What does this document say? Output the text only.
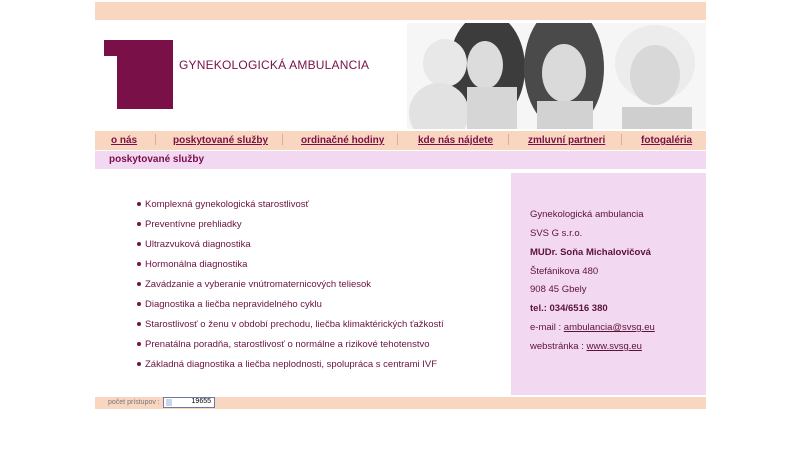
GYNEKOLOGICKÁ AMBULANCIA
o nás	poskytované služby	ordinačné hodiny	kde nás nájdete	zmluvní partneri	fotogaléria
poskytované služby
Komplexná gynekologická starostlivosť
Preventívne prehliadky
Ultrazvuková diagnostika
Hormonálna diagnostika
Zavádzanie a vyberanie vnútromaternicových teliesok
Diagnostika a liečba nepravidelného cyklu
Starostlivosť o ženu v období prechodu, liečba klimaktérických ťažkostí
Prenatálna poradňa, starostlivosť o normálne a rizikové tehotenstvo
Základná diagnostika a liečba neplodnosti, spolupráca s centrami IVF
Gynekologická ambulancia
SVS G s.r.o.
MUDr. Soňa Michalovičová
Štefánikova 480
908 45 Gbely
tel.: 034/6516 380
e-mail : ambulancia@svsg.eu
webstránka : www.svsg.eu
počet prístupov :	19655
